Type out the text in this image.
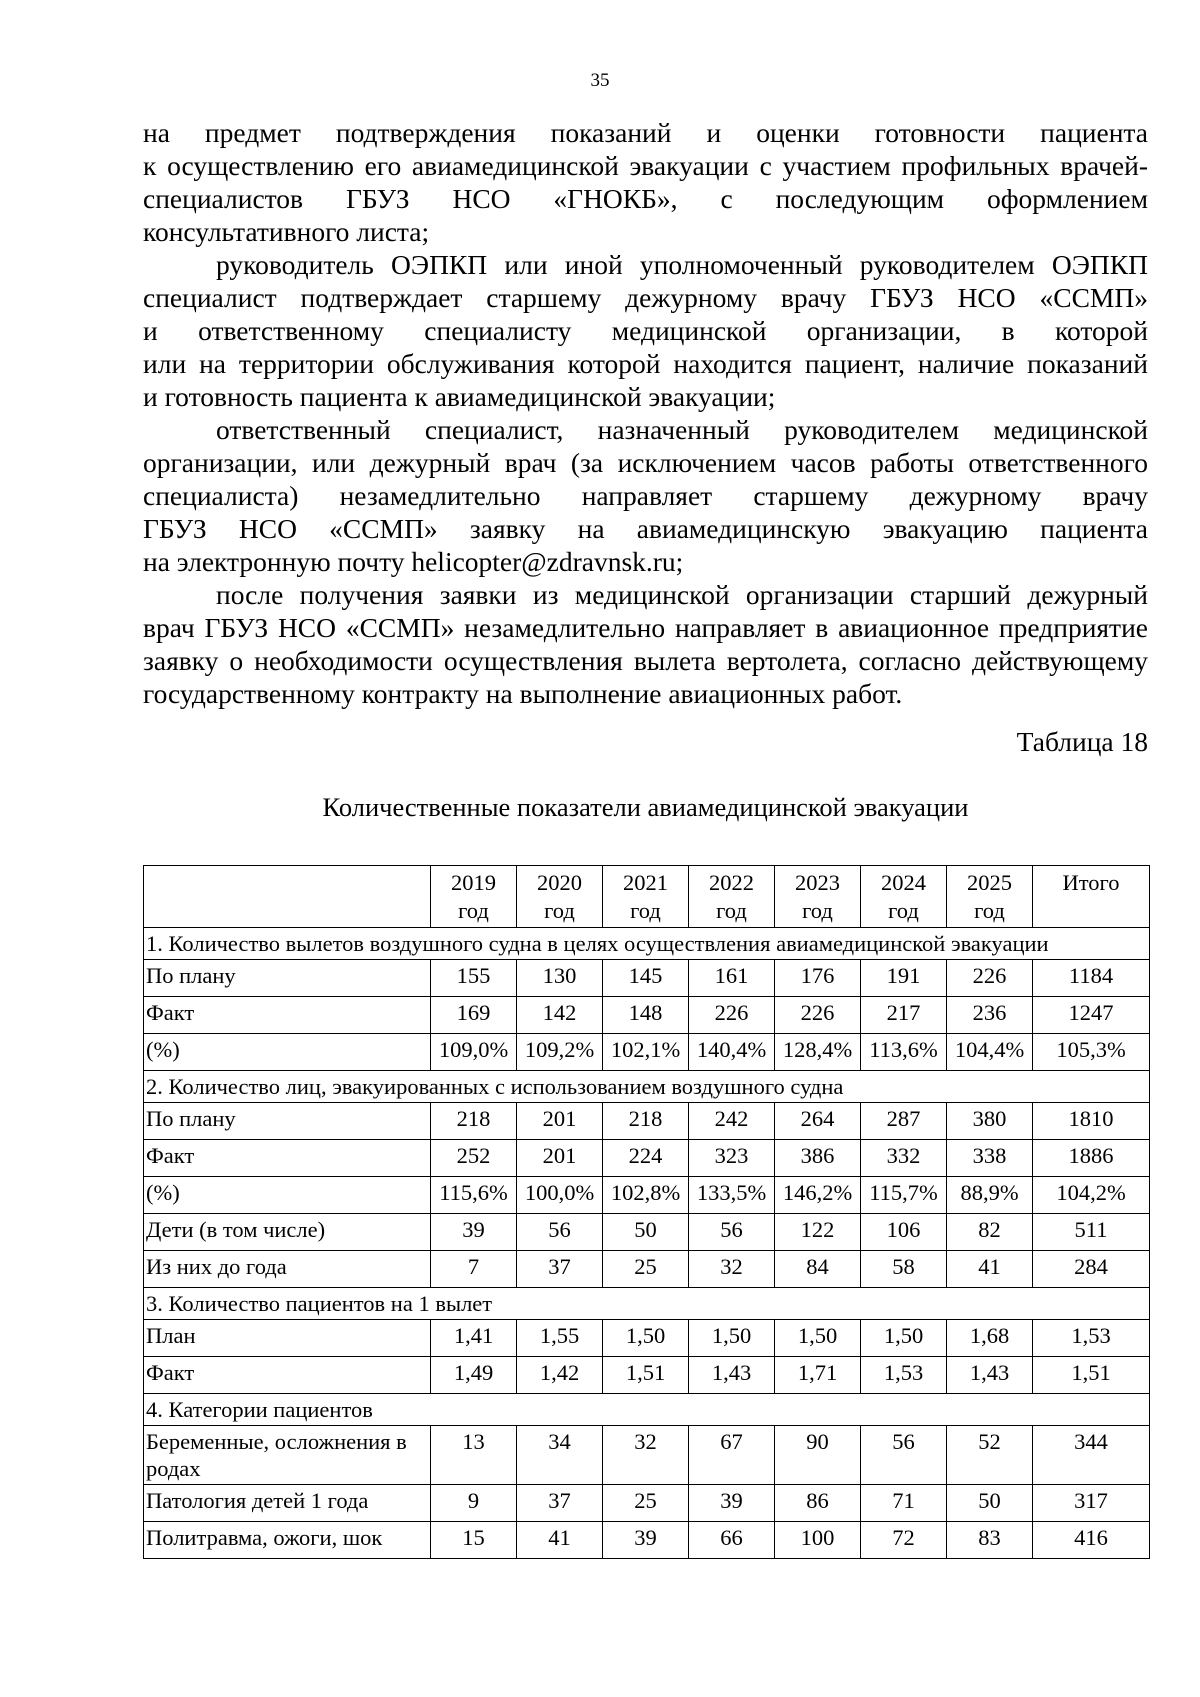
35
на предмет подтверждения показаний и оценки готовности пациента
к осуществлению его авиамедицинской эвакуации с участием профильных врачей-
специалистов ГБУЗ НСО «ГНОКБ», с последующим оформлением
консультативного листа;
руководитель ОЭПКП или иной уполномоченный руководителем ОЭПКП
специалист подтверждает старшему дежурному врачу ГБУЗ НСО «ССМП»
и ответственному специалисту медицинской организации, в которой
или на территории обслуживания которой находится пациент, наличие показаний
и готовность пациента к авиамедицинской эвакуации;
ответственный специалист, назначенный руководителем медицинской
организации, или дежурный врач (за исключением часов работы ответственного
специалиста) незамедлительно направляет старшему дежурному врачу
ГБУЗ НСО «ССМП» заявку на авиамедицинскую эвакуацию пациента
на электронную почту helicopter@zdravnsk.ru;
после получения заявки из медицинской организации старший дежурный
врач ГБУЗ НСО «ССМП» незамедлительно направляет в авиационное предприятие
заявку о необходимости осуществления вылета вертолета, согласно действующему
государственному контракту на выполнение авиационных работ.
Таблица 18
Количественные показатели авиамедицинской эвакуации
	2019 год	2020 год	2021 год	2022 год	2023 год	2024 год	2025 год	Итого
1. Количество вылетов воздушного судна в целях осуществления авиамедицинской эвакуации								
По плану	155	130	145	161	176	191	226	1184
Факт	169	142	148	226	226	217	236	1247
(%)	109,0%	109,2%	102,1%	140,4%	128,4%	113,6%	104,4%	105,3%
2. Количество лиц, эвакуированных с использованием воздушного судна								
По плану	218	201	218	242	264	287	380	1810
Факт	252	201	224	323	386	332	338	1886
(%)	115,6%	100,0%	102,8%	133,5%	146,2%	115,7%	88,9%	104,2%
Дети (в том числе)	39	56	50	56	122	106	82	511
Из них до года	7	37	25	32	84	58	41	284
3. Количество пациентов на 1 вылет								
План	1,41	1,55	1,50	1,50	1,50	1,50	1,68	1,53
Факт	1,49	1,42	1,51	1,43	1,71	1,53	1,43	1,51
4. Категории пациентов								
Беременные, осложнения в родах	13	34	32	67	90	56	52	344
Патология детей 1 года	9	37	25	39	86	71	50	317
Политравма, ожоги, шок	15	41	39	66	100	72	83	416
